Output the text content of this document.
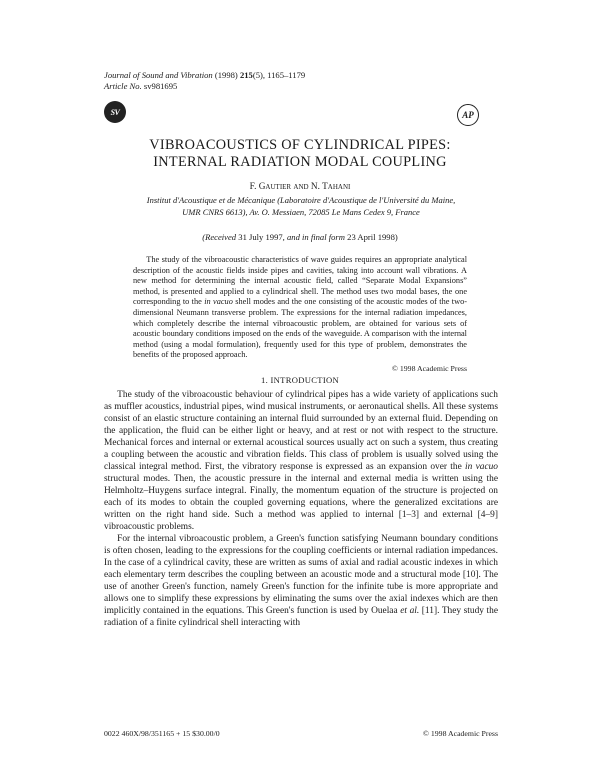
Journal of Sound and Vibration (1998) 215(5), 1165–1179
Article No. sv981695
SV	AP
VIBROACOUSTICS OF CYLINDRICAL PIPES:
INTERNAL RADIATION MODAL COUPLING
F. Gautier and N. Tahani
Institut d'Acoustique et de Mécanique (Laboratoire d'Acoustique de l'Université du Maine,
UMR CNRS 6613), Av. O. Messiaen, 72085 Le Mans Cedex 9, France
(Received 31 July 1997, and in final form 23 April 1998)

The study of the vibroacoustic characteristics of wave guides requires an appropriate analytical description of the acoustic fields inside pipes and cavities, taking into account wall vibrations. A new method for determining the internal acoustic field, called “Separate Modal Expansions” method, is presented and applied to a cylindrical shell. The method uses two modal bases, the one corresponding to the in vacuo shell modes and the one consisting of the acoustic modes of the two-dimensional Neumann transverse problem. The expressions for the internal radiation impedances, which completely describe the internal vibroacoustic problem, are obtained for various sets of acoustic boundary conditions imposed on the ends of the waveguide. A comparison with the internal method (using a modal formulation), frequently used for this type of problem, demonstrates the benefits of the proposed approach.

© 1998 Academic Press
1. INTRODUCTION

The study of the vibroacoustic behaviour of cylindrical pipes has a wide variety of applications such as muffler acoustics, industrial pipes, wind musical instruments, or aeronautical shells. All these systems consist of an elastic structure containing an internal fluid surrounded by an external fluid. Depending on the application, the fluid can be either light or heavy, and at rest or not with respect to the structure. Mechanical forces and internal or external acoustical sources usually act on such a system, thus creating a coupling between the acoustic and vibration fields. This class of problem is usually solved using the classical integral method. First, the vibratory response is expressed as an expansion over the in vacuo structural modes. Then, the acoustic pressure in the internal and external media is written using the Helmholtz–Huygens surface integral. Finally, the momentum equation of the structure is projected on each of its modes to obtain the coupled governing equations, where the generalized excitations are written on the right hand side. Such a method was applied to internal [1–3] and external [4–9] vibroacoustic problems.

For the internal vibroacoustic problem, a Green's function satisfying Neumann boundary conditions is often chosen, leading to the expressions for the coupling coefficients or internal radiation impedances. In the case of a cylindrical cavity, these are written as sums of axial and radial acoustic indexes in which each elementary term describes the coupling between an acoustic mode and a structural mode [10]. The use of another Green's function, namely Green's function for the infinite tube is more appropriate and allows one to simplify these expressions by eliminating the sums over the axial indexes which are then implicitly contained in the equations. This Green's function is used by Ouelaa et al. [11]. They study the radiation of a finite cylindrical shell interacting with

0022 460X/98/351165 + 15 $30.00/0	© 1998 Academic Press
